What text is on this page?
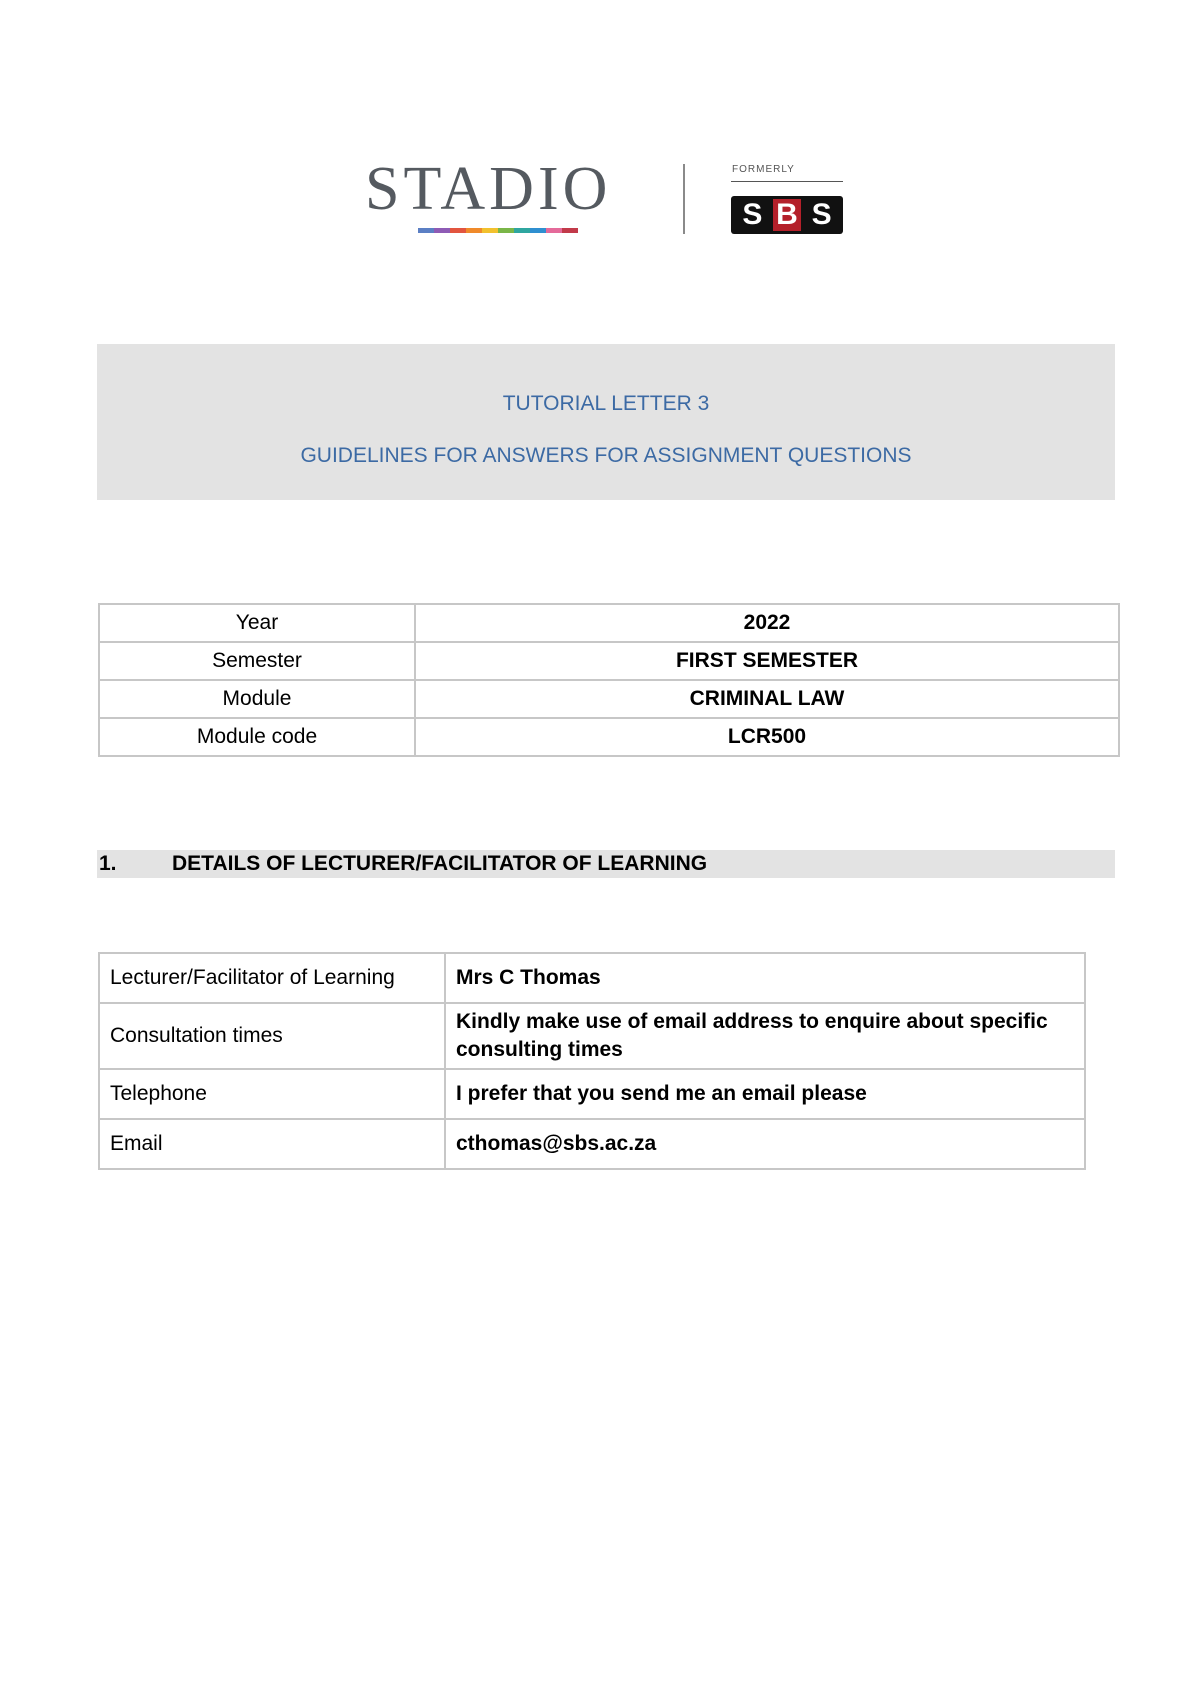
STADIO	FORMERLY
S B S
TUTORIAL LETTER 3
GUIDELINES FOR ANSWERS FOR ASSIGNMENT QUESTIONS
Year	2022
Semester	FIRST SEMESTER
Module	CRIMINAL LAW
Module code	LCR500
1.	DETAILS OF LECTURER/FACILITATOR OF LEARNING
Lecturer/Facilitator of Learning	Mrs C Thomas
Consultation times	Kindly make use of email address to enquire about specific consulting times
Telephone	I prefer that you send me an email please
Email	cthomas@sbs.ac.za
